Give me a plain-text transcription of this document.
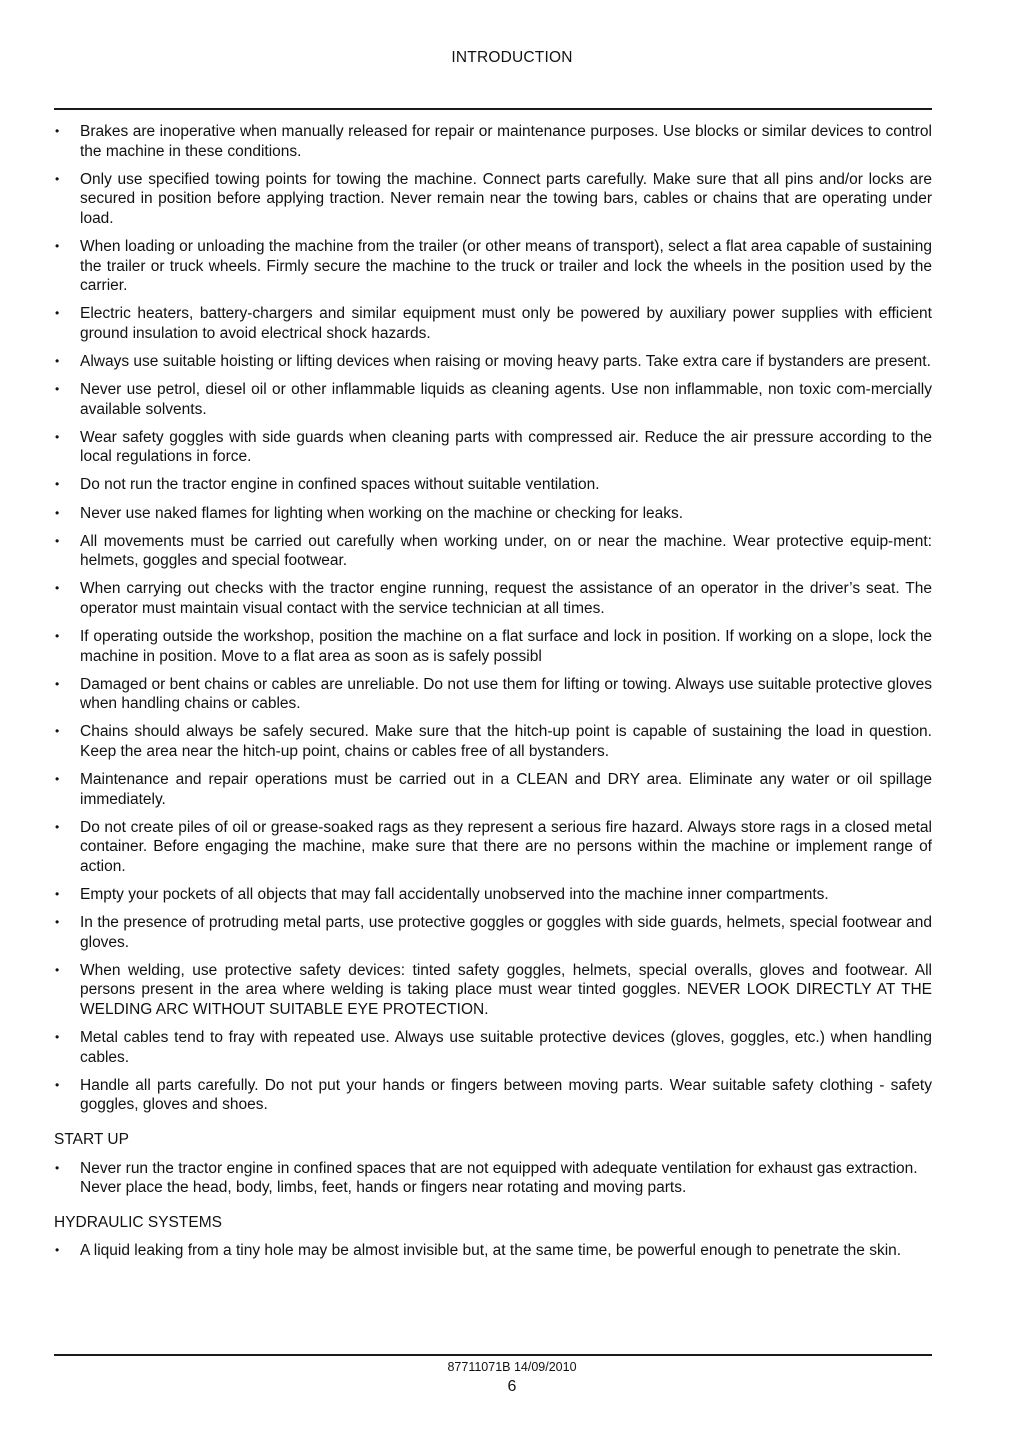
INTRODUCTION
• Brakes are inoperative when manually released for repair or maintenance purposes. Use blocks or similar devices to control the machine in these conditions.
• Only use specified towing points for towing the machine. Connect parts carefully. Make sure that all pins and/or locks are secured in position before applying traction. Never remain near the towing bars, cables or chains that are operating under load.
• When loading or unloading the machine from the trailer (or other means of transport), select a flat area capable of sustaining the trailer or truck wheels. Firmly secure the machine to the truck or trailer and lock the wheels in the position used by the carrier.
• Electric heaters, battery-chargers and similar equipment must only be powered by auxiliary power supplies with efficient ground insulation to avoid electrical shock hazards.
• Always use suitable hoisting or lifting devices when raising or moving heavy parts. Take extra care if bystanders are present.
• Never use petrol, diesel oil or other inflammable liquids as cleaning agents. Use non inflammable, non toxic com-mercially available solvents.
• Wear safety goggles with side guards when cleaning parts with compressed air. Reduce the air pressure according to the local regulations in force.
• Do not run the tractor engine in confined spaces without suitable ventilation.
• Never use naked flames for lighting when working on the machine or checking for leaks.
• All movements must be carried out carefully when working under, on or near the machine. Wear protective equip-ment: helmets, goggles and special footwear.
• When carrying out checks with the tractor engine running, request the assistance of an operator in the driver’s seat. The operator must maintain visual contact with the service technician at all times.
• If operating outside the workshop, position the machine on a flat surface and lock in position. If working on a slope, lock the machine in position. Move to a flat area as soon as is safely possibl
• Damaged or bent chains or cables are unreliable. Do not use them for lifting or towing. Always use suitable protective gloves when handling chains or cables.
• Chains should always be safely secured. Make sure that the hitch-up point is capable of sustaining the load in question. Keep the area near the hitch-up point, chains or cables free of all bystanders.
• Maintenance and repair operations must be carried out in a CLEAN and DRY area. Eliminate any water or oil spillage immediately.
• Do not create piles of oil or grease-soaked rags as they represent a serious fire hazard. Always store rags in a closed metal container. Before engaging the machine, make sure that there are no persons within the machine or implement range of action.
• Empty your pockets of all objects that may fall accidentally unobserved into the machine inner compartments.
• In the presence of protruding metal parts, use protective goggles or goggles with side guards, helmets, special footwear and gloves.
• When welding, use protective safety devices: tinted safety goggles, helmets, special overalls, gloves and footwear. All persons present in the area where welding is taking place must wear tinted goggles. NEVER LOOK DIRECTLY AT THE WELDING ARC WITHOUT SUITABLE EYE PROTECTION.
• Metal cables tend to fray with repeated use. Always use suitable protective devices (gloves, goggles, etc.) when handling cables.
• Handle all parts carefully. Do not put your hands or fingers between moving parts. Wear suitable safety clothing - safety goggles, gloves and shoes.
START UP
• Never run the tractor engine in confined spaces that are not equipped with adequate ventilation for exhaust gas extraction.
Never place the head, body, limbs, feet, hands or fingers near rotating and moving parts.
HYDRAULIC SYSTEMS
• A liquid leaking from a tiny hole may be almost invisible but, at the same time, be powerful enough to penetrate the skin.
87711071B 14/09/2010
6
